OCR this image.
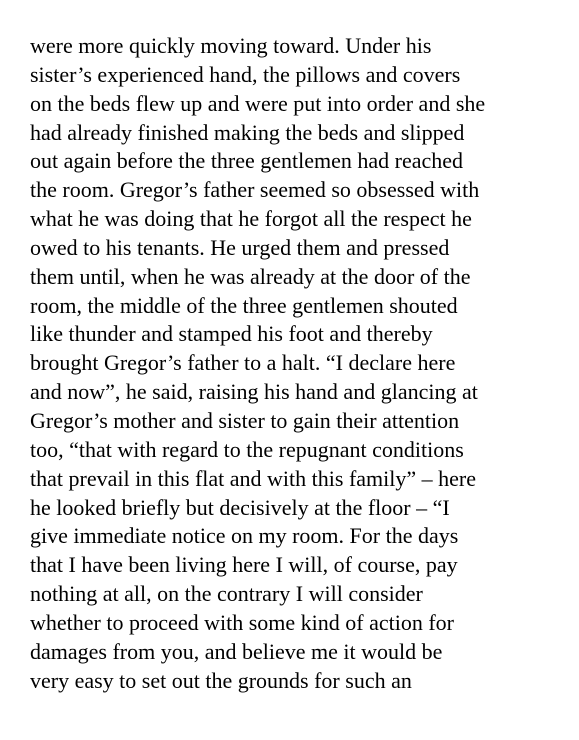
were more quickly moving toward. Under his

sister’s experienced hand, the pillows and covers

on the beds flew up and were put into order and she

had already finished making the beds and slipped

out again before the three gentlemen had reached

the room. Gregor’s father seemed so obsessed with

what he was doing that he forgot all the respect he

owed to his tenants. He urged them and pressed

them until, when he was already at the door of the

room, the middle of the three gentlemen shouted

like thunder and stamped his foot and thereby

brought Gregor’s father to a halt. “I declare here

and now”, he said, raising his hand and glancing at

Gregor’s mother and sister to gain their attention

too, “that with regard to the repugnant conditions

that prevail in this flat and with this family” – here

he looked briefly but decisively at the floor – “I

give immediate notice on my room. For the days

that I have been living here I will, of course, pay

nothing at all, on the contrary I will consider

whether to proceed with some kind of action for

damages from you, and believe me it would be

very easy to set out the grounds for such an
